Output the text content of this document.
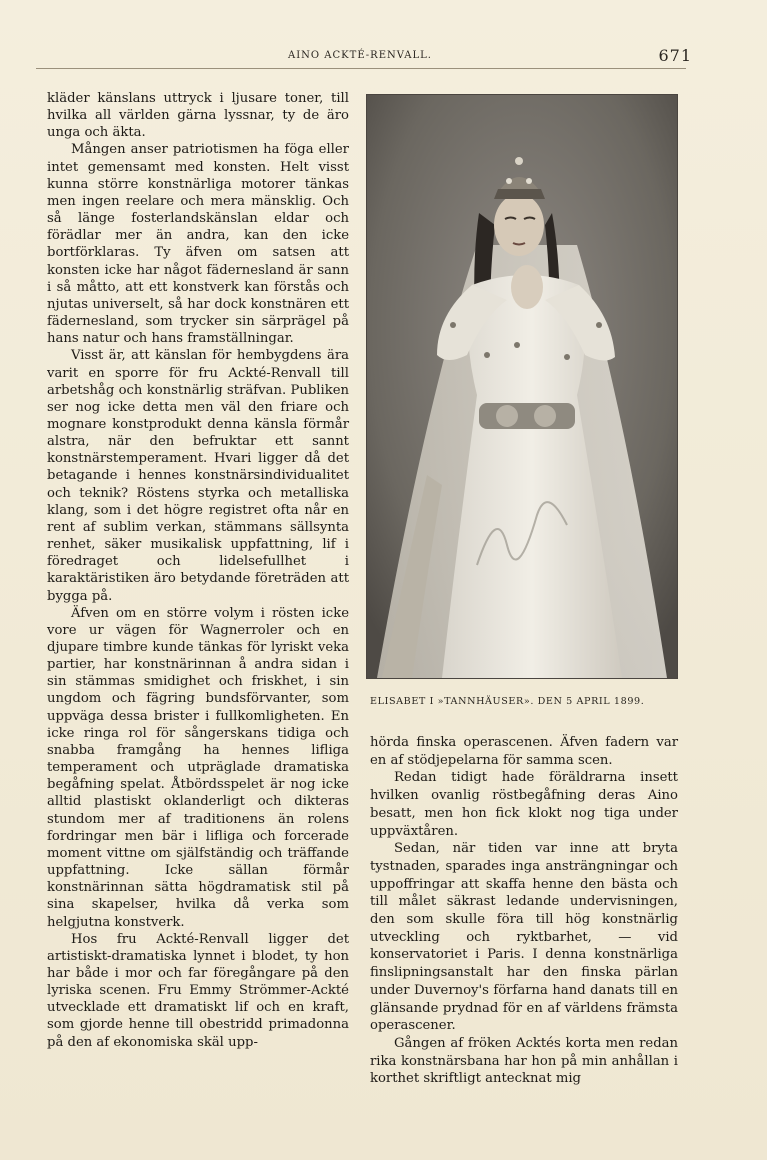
AINO ACKTÉ-RENVALL.	671

kläder känslans uttryck i ljusare toner, till hvilka all världen gärna lyssnar, ty de äro unga och äkta.

Mången anser patriotismen ha föga eller intet gemensamt med konsten. Helt visst kunna större konstnärliga motorer tänkas men ingen reelare och mera mänsklig. Och så länge fosterlandskänslan eldar och förädlar mer än andra, kan den icke bortförklaras. Ty äfven om satsen att konsten icke har något fädernesland är sann i så måtto, att ett konstverk kan förstås och njutas universelt, så har dock konstnären ett fädernesland, som trycker sin särprägel på hans natur och hans framställningar.

Visst är, att känslan för hembygdens ära varit en sporre för fru Ackté-Renvall till arbetshåg och konstnärlig sträfvan. Publiken ser nog icke detta men väl den friare och mognare konstprodukt denna känsla förmår alstra, när den befruktar ett sannt konstnärstemperament. Hvari ligger då det betagande i hennes konstnärsindividualitet och teknik? Röstens styrka och metalliska klang, som i det högre registret ofta når en rent af sublim verkan, stämmans sällsynta renhet, säker musikalisk uppfattning, lif i föredraget och lidelsefullhet i karaktäristiken äro betydande företräden att bygga på.

Äfven om en större volym i rösten icke vore ur vägen för Wagnerroler och en djupare timbre kunde tänkas för lyriskt veka partier, har konstnärinnan å andra sidan i sin stämmas smidighet och friskhet, i sin ungdom och fägring bundsförvanter, som uppväga dessa brister i fullkomligheten. En icke ringa rol för sångerskans tidiga och snabba framgång ha hennes lifliga temperament och utpräglade dramatiska begåfning spelat. Åtbördsspelet är nog icke alltid plastiskt oklanderligt och dikteras stundom mer af traditionens än rolens fordringar men bär i lifliga och forcerade moment vittne om själfständig och träffande uppfattning. Icke sällan förmår konstnärinnan sätta högdramatisk stil på sina skapelser, hvilka då verka som helgjutna konstverk.

Hos fru Ackté-Renvall ligger det artistiskt-dramatiska lynnet i blodet, ty hon har både i mor och far föregångare på den lyriska scenen. Fru Emmy Strömmer-Ackté utvecklade ett dramatiskt lif och en kraft, som gjorde henne till obestridd primadonna på den af ekonomiska skäl upp-

ELISABET I »TANNHÄUSER». DEN 5 APRIL 1899.

hörda finska operascenen. Äfven fadern var en af stödjepelarna för samma scen.

Redan tidigt hade föräldrarna insett hvilken ovanlig röstbegåfning deras Aino besatt, men hon fick klokt nog tiga under uppväxtåren.

Sedan, när tiden var inne att bryta tystnaden, sparades inga ansträngningar och uppoffringar att skaffa henne den bästa och till målet säkrast ledande undervisningen, den som skulle föra till hög konstnärlig utveckling och ryktbarhet, — vid konservatoriet i Paris. I denna konstnärliga finslipningsanstalt har den finska pärlan under Duvernoy's förfarna hand danats till en glänsande prydnad för en af världens främsta operascener.

Gången af fröken Acktés korta men redan rika konstnärsbana har hon på min anhållan i korthet skriftligt antecknat mig
